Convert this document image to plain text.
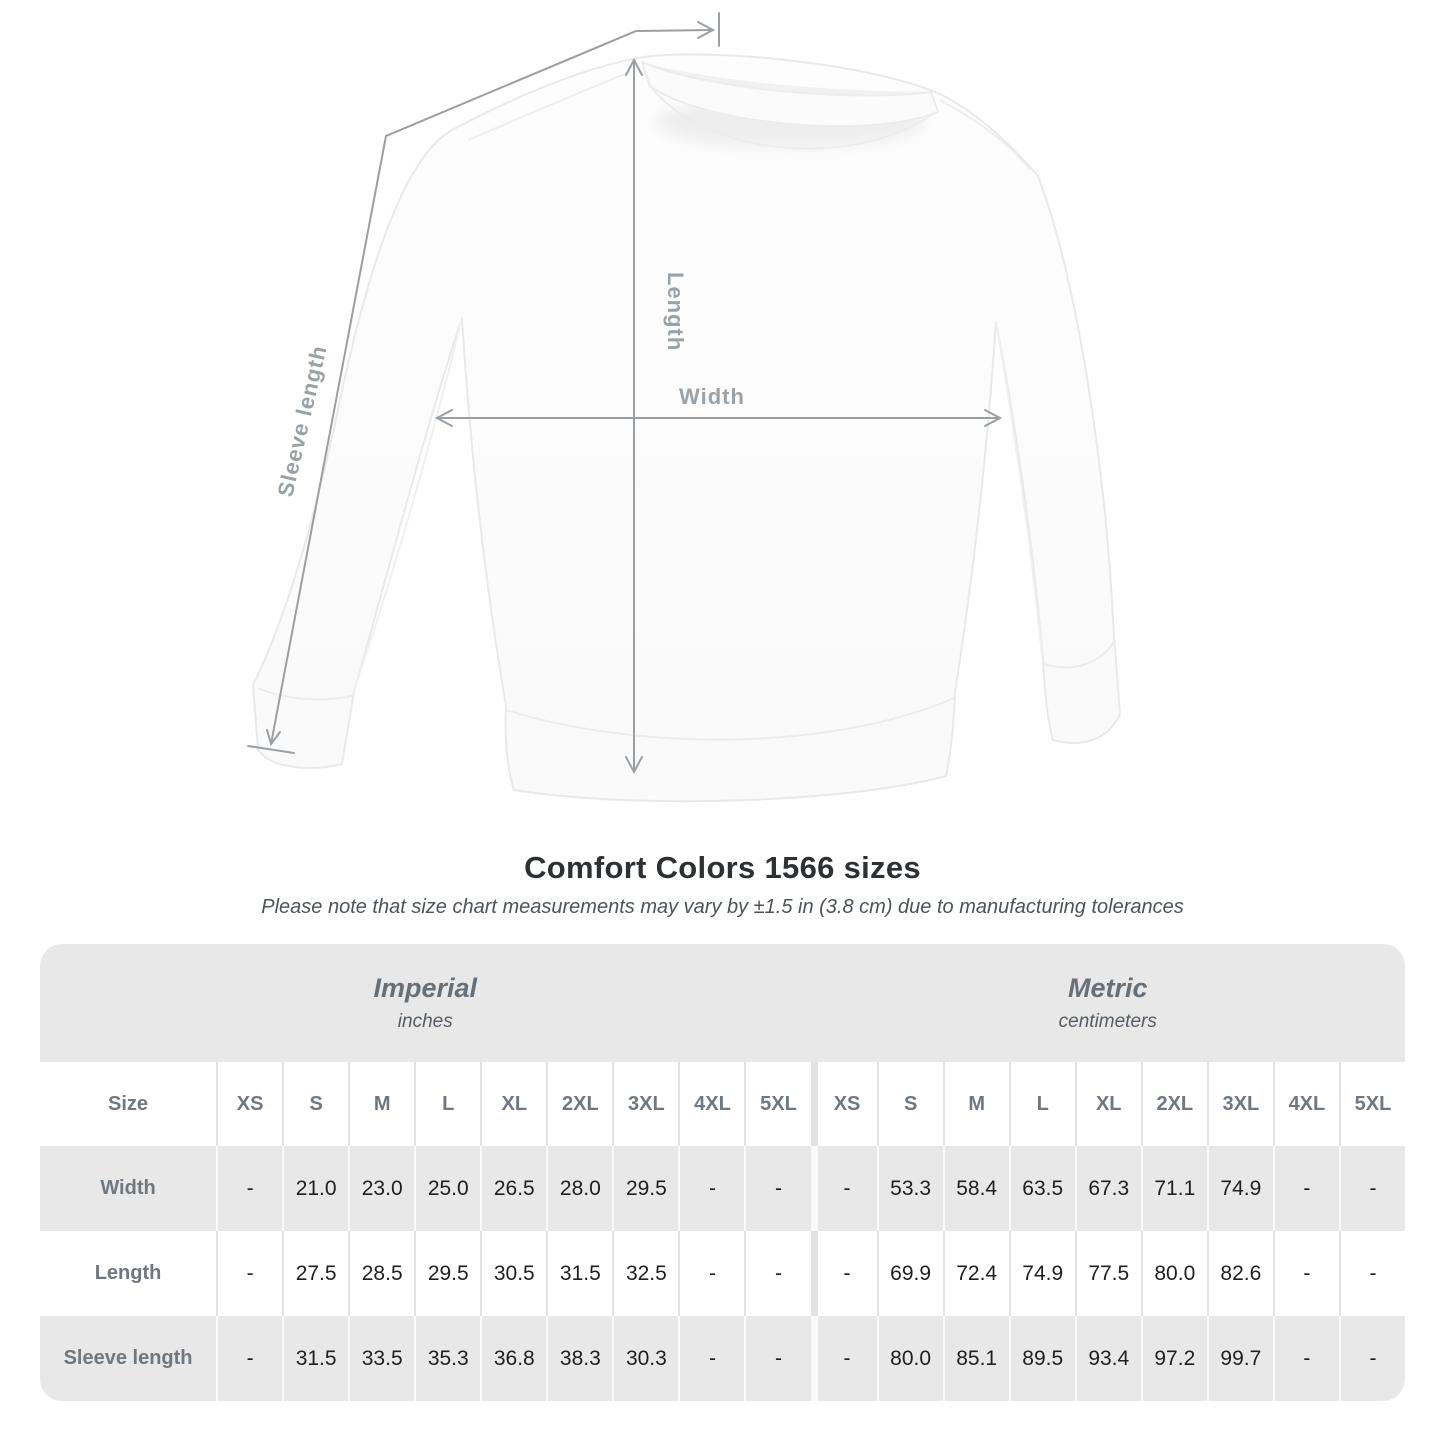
Sleeve length
Length
Width
Comfort Colors 1566 sizes
Please note that size chart measurements may vary by ±1.5 in (3.8 cm) due to manufacturing tolerances
Imperial
inches
Metric
centimeters
Size	XS	S	M	L	XL	2XL	3XL	4XL	5XL	XS	S	M	L	XL	2XL	3XL	4XL	5XL
Width	-	21.0	23.0	25.0	26.5	28.0	29.5	-	-	-	53.3	58.4	63.5	67.3	71.1	74.9	-	-
Length	-	27.5	28.5	29.5	30.5	31.5	32.5	-	-	-	69.9	72.4	74.9	77.5	80.0	82.6	-	-
Sleeve length	-	31.5	33.5	35.3	36.8	38.3	30.3	-	-	-	80.0	85.1	89.5	93.4	97.2	99.7	-	-
